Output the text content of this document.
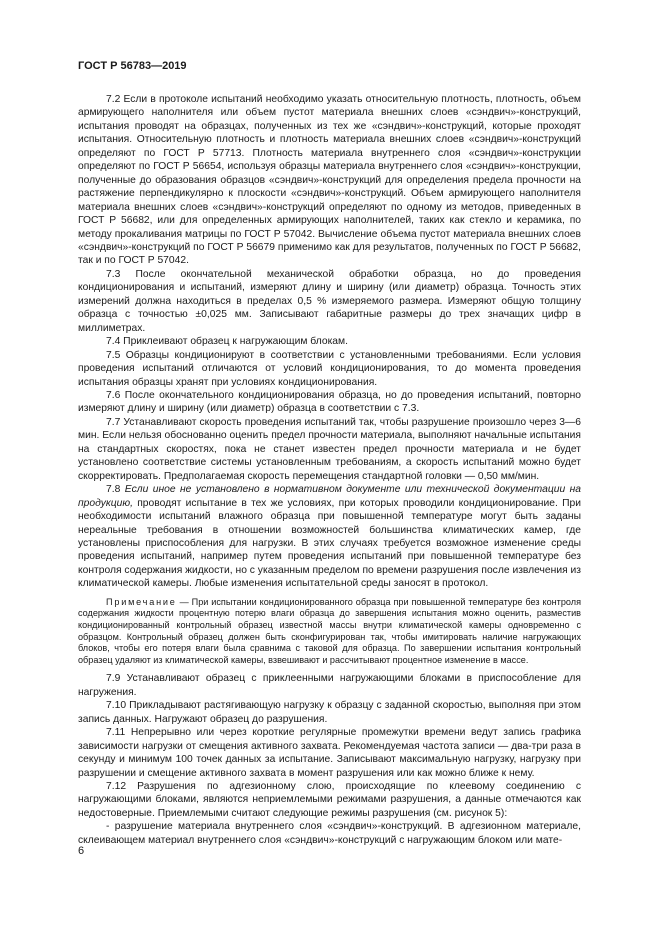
ГОСТ Р 56783—2019

7.2 Если в протоколе испытаний необходимо указать относительную плотность, плотность, объем армирующего наполнителя или объем пустот материала внешних слоев «сэндвич»-конструкций, испытания проводят на образцах, полученных из тех же «сэндвич»-конструкций, которые проходят испытания. Относительную плотность и плотность материала внешних слоев «сэндвич»-конструкций определяют по ГОСТ Р 57713. Плотность материала внутреннего слоя «сэндвич»-конструкции определяют по ГОСТ Р 56654, используя образцы материала внутреннего слоя «сэндвич»-конструкции, полученные до образования образцов «сэндвич»-конструкций для определения предела прочности на растяжение перпендикулярно к плоскости «сэндвич»-конструкций. Объем армирующего наполнителя материала внешних слоев «сэндвич»-конструкций определяют по одному из методов, приведенных в ГОСТ Р 56682, или для определенных армирующих наполнителей, таких как стекло и керамика, по методу прокаливания матрицы по ГОСТ Р 57042. Вычисление объема пустот материала внешних слоев «сэндвич»-конструкций по ГОСТ Р 56679 применимо как для результатов, полученных по ГОСТ Р 56682, так и по ГОСТ Р 57042.

7.3 После окончательной механической обработки образца, но до проведения кондиционирования и испытаний, измеряют длину и ширину (или диаметр) образца. Точность этих измерений должна находиться в пределах 0,5 % измеряемого размера. Измеряют общую толщину образца с точностью ±0,025 мм. Записывают габаритные размеры до трех значащих цифр в миллиметрах.

7.4 Приклеивают образец к нагружающим блокам.

7.5 Образцы кондиционируют в соответствии с установленными требованиями. Если условия проведения испытаний отличаются от условий кондиционирования, то до момента проведения испытания образцы хранят при условиях кондиционирования.

7.6 После окончательного кондиционирования образца, но до проведения испытаний, повторно измеряют длину и ширину (или диаметр) образца в соответствии с 7.3.

7.7 Устанавливают скорость проведения испытаний так, чтобы разрушение произошло через 3—6 мин. Если нельзя обоснованно оценить предел прочности материала, выполняют начальные испытания на стандартных скоростях, пока не станет известен предел прочности материала и не будет установлено соответствие системы установленным требованиям, а скорость испытаний можно будет скорректировать. Предполагаемая скорость перемещения стандартной головки — 0,50 мм/мин.

7.8 Если иное не установлено в нормативном документе или технической документации на продукцию, проводят испытание в тех же условиях, при которых проводили кондиционирование. При необходимости испытаний влажного образца при повышенной температуре могут быть заданы нереальные требования в отношении возможностей большинства климатических камер, где установлены приспособления для нагрузки. В этих случаях требуется возможное изменение среды проведения испытаний, например путем проведения испытаний при повышенной температуре без контроля содержания жидкости, но с указанным пределом по времени разрушения после извлечения из климатической камеры. Любые изменения испытательной среды заносят в протокол.

Примечание — При испытании кондиционированного образца при повышенной температуре без контроля содержания жидкости процентную потерю влаги образца до завершения испытания можно оценить, разместив кондиционированный контрольный образец известной массы внутри климатической камеры одновременно с образцом. Контрольный образец должен быть сконфигурирован так, чтобы имитировать наличие нагружающих блоков, чтобы его потеря влаги была сравнима с таковой для образца. По завершении испытания контрольный образец удаляют из климатической камеры, взвешивают и рассчитывают процентное изменение в массе.

7.9 Устанавливают образец с приклеенными нагружающими блоками в приспособление для нагружения.

7.10 Прикладывают растягивающую нагрузку к образцу с заданной скоростью, выполняя при этом запись данных. Нагружают образец до разрушения.

7.11 Непрерывно или через короткие регулярные промежутки времени ведут запись графика зависимости нагрузки от смещения активного захвата. Рекомендуемая частота записи — два-три раза в секунду и минимум 100 точек данных за испытание. Записывают максимальную нагрузку, нагрузку при разрушении и смещение активного захвата в момент разрушения или как можно ближе к нему.

7.12 Разрушения по адгезионному слою, происходящие по клеевому соединению с нагружающими блоками, являются неприемлемыми режимами разрушения, а данные отмечаются как недостоверные. Приемлемыми считают следующие режимы разрушения (см. рисунок 5):

- разрушение материала внутреннего слоя «сэндвич»-конструкций. В адгезионном материале, склеивающем материал внутреннего слоя «сэндвич»-конструкций с нагружающим блоком или мате-

6
